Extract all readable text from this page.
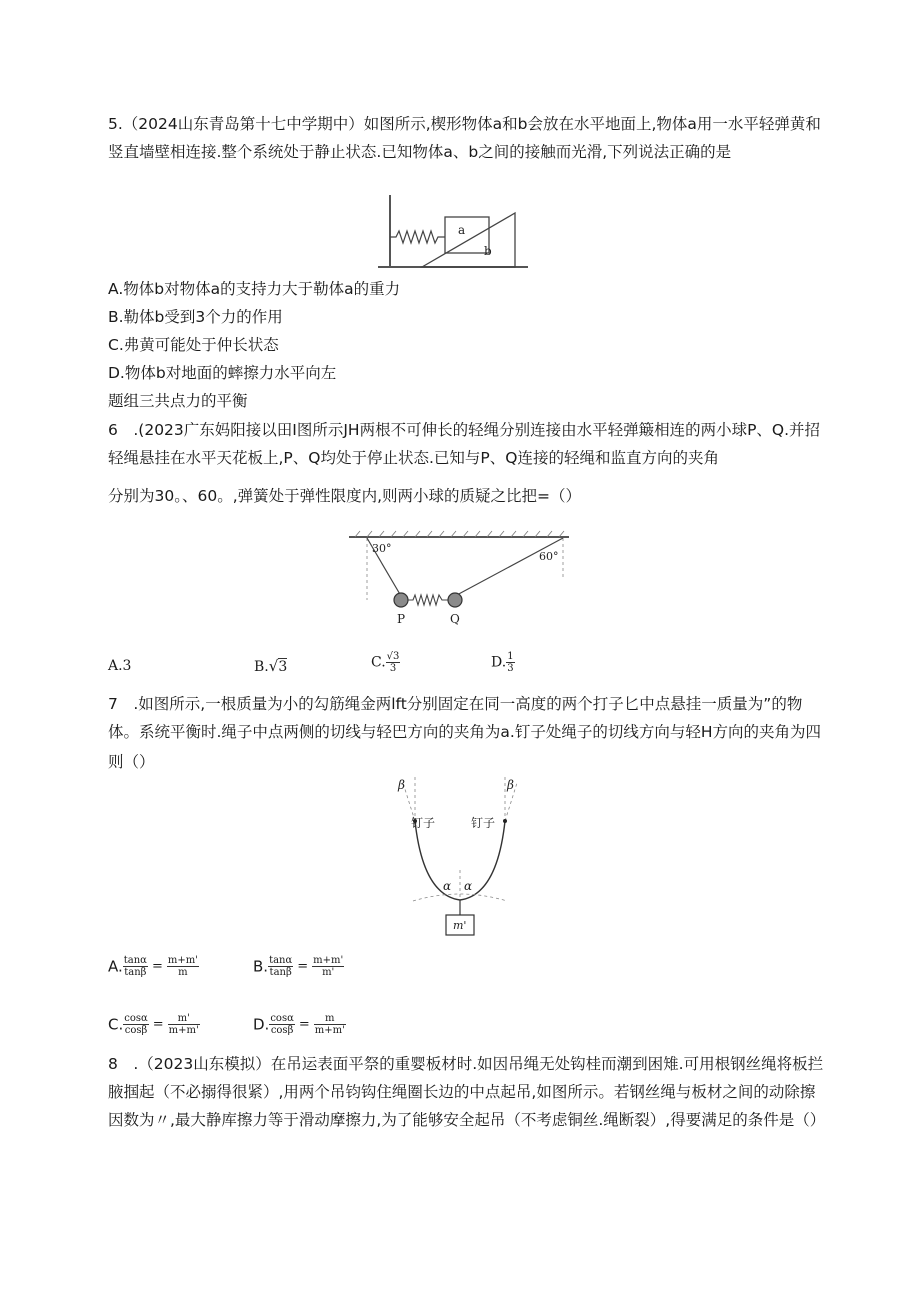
5.（2024山东青岛第十七中学期中）如图所示,楔形物体a和b会放在水平地面上,物体a用一水平轻弹黄和
竖直墙壁相连接.整个系统处于静止状态.已知物体a、b之间的接触而光滑,下列说法正确的是
a
b
A.物体b对物体a的支持力大于勒体a的重力
B.勒体b受到3个力的作用
C.弗黄可能处于仲长状态
D.物体b对地面的蟀擦力水平向左
题组三共点力的平衡
6　.(2023广东妈阳接以田I图所示JH两根不可伸长的轻绳分别连接由水平轻弹簸相连的两小球P、Q.并招
轻绳悬挂在水平天花板上,P、Q均处于停止状态.已知与P、Q连接的轻绳和监直方向的夹角
分别为30。、60。,弹簧处于弹性限度内,则两小球的质疑之比把=（）
30°
60°
P	Q
A.3	B.√3	C. $\frac{√3}{3}$	D. $\frac{1}{3}$
7　.如图所示,一根质量为小的勾筋绳金两lft分别固定在同一高度的两个打子匕中点悬挂一质量为”的物
体。系统平衡时.绳子中点两侧的切线与轻巴方向的夹角为a.钉子处绳子的切线方向与轻H方向的夹角为四
则（）
m'
β	β
钉子	钉子
α α
A. $\frac{\tan\alpha}{\tan\beta} = \frac{m+m'}{m}$	B. $\frac{\tan\alpha}{\tan\beta} = \frac{m+m'}{m'}$
C. $\frac{\cos\alpha}{\cos\beta} = \frac{m'}{m+m'}$	D. $\frac{\cos\alpha}{\cos\beta} = \frac{m}{m+m'}$
8　.（2023山东模拟）在吊运表面平祭的重婴板材时.如因吊绳无处钩桂而潮到困雉.可用根钢丝绳将板拦
腋掴起（不必搦得很紧）,用两个吊钧钩住绳圈长边的中点起吊,如图所示。若钢丝绳与板材之间的动除擦
因数为〃,最大静库擦力等于滑动摩擦力,为了能够安全起吊（不考虑铜丝.绳断裂）,得要满足的条件是（）
